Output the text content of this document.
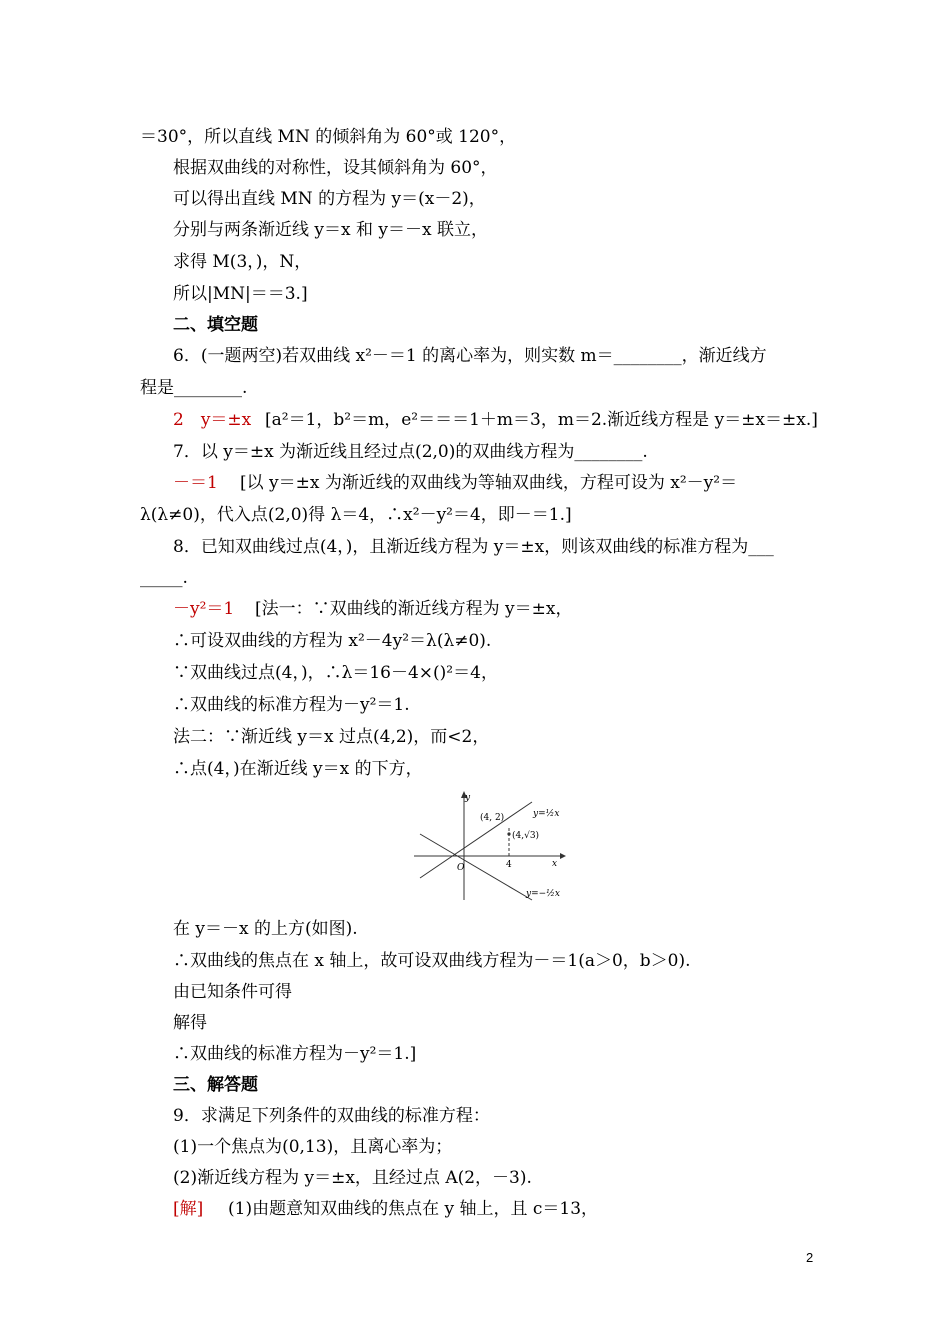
＝30°，所以直线 MN 的倾斜角为 60°或 120°，
根据双曲线的对称性，设其倾斜角为 60°，
可以得出直线 MN 的方程为 y＝(x－2)，
分别与两条渐近线 y＝x 和 y＝－x 联立，
求得 M(3，)，N，
所以|MN|＝＝3.]
二、填空题
6．(一题两空)若双曲线 x²－＝1 的离心率为，则实数 m＝________，渐近线方
程是________.
2　y＝±x [a²＝1，b²＝m，e²＝＝＝1＋m＝3，m＝2.渐近线方程是 y＝±x＝±x.]
7．以 y＝±x 为渐近线且经过点(2,0)的双曲线方程为________.
－＝1 [以 y＝±x 为渐近线的双曲线为等轴双曲线，方程可设为 x²－y²＝
λ(λ≠0)，代入点(2,0)得 λ＝4，∴x²－y²＝4，即－＝1.]
8．已知双曲线过点(4，)，且渐近线方程为 y＝±x，则该双曲线的标准方程为___
_____.
－y²＝1 [法一：∵双曲线的渐近线方程为 y＝±x，
∴可设双曲线的方程为 x²－4y²＝λ(λ≠0).
∵双曲线过点(4，)，∴λ＝16－4×()²＝4，
∴双曲线的标准方程为－y²＝1.
法二：∵渐近线 y＝x 过点(4,2)，而<2，
∴点(4，)在渐近线 y＝x 的下方，
y
x
O
(4, 2)
(4,√3)
4
y=½x
y=−½x
在 y＝－x 的上方(如图).
∴双曲线的焦点在 x 轴上，故可设双曲线方程为－＝1(a＞0，b＞0).
由已知条件可得
解得
∴双曲线的标准方程为－y²＝1.]
三、解答题
9．求满足下列条件的双曲线的标准方程：
(1)一个焦点为(0,13)，且离心率为；
(2)渐近线方程为 y＝±x，且经过点 A(2，－3).
[解] (1)由题意知双曲线的焦点在 y 轴上，且 c＝13，
2
